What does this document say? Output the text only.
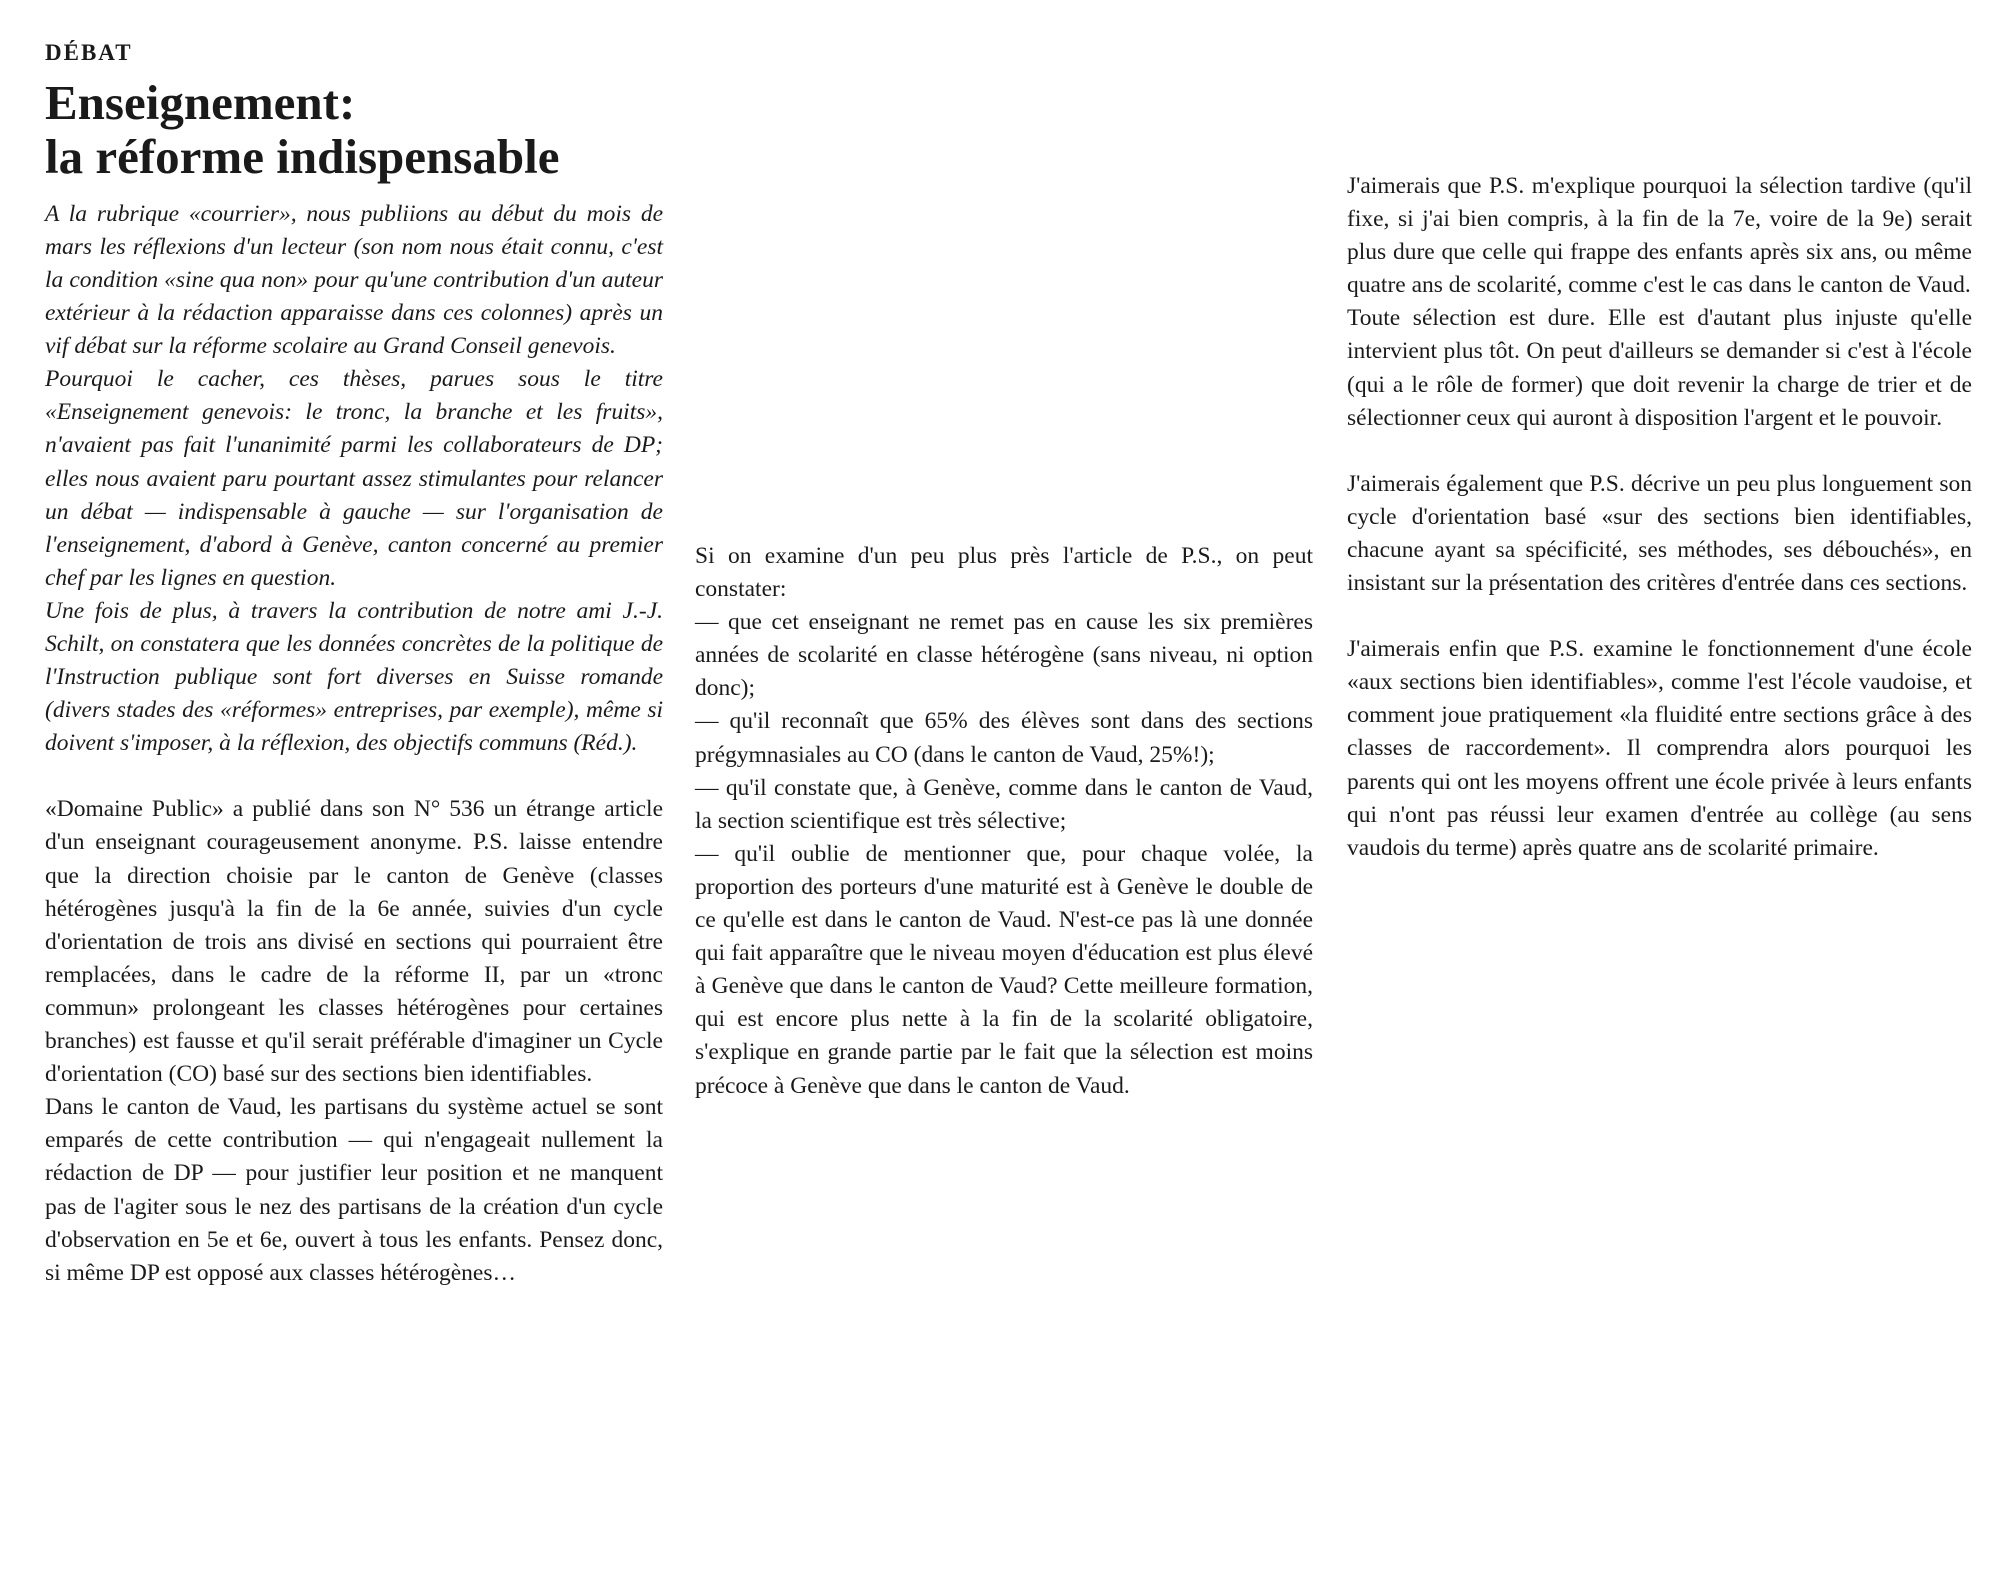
DÉBAT
Enseignement:
la réforme indispensable

A la rubrique «courrier», nous publiions au début du mois de mars les réflexions d'un lecteur (son nom nous était connu, c'est la condition «sine qua non» pour qu'une contribution d'un auteur extérieur à la rédaction apparaisse dans ces colonnes) après un vif débat sur la réforme scolaire au Grand Conseil genevois.

Pourquoi le cacher, ces thèses, parues sous le titre «Enseignement genevois: le tronc, la branche et les fruits», n'avaient pas fait l'unanimité parmi les collaborateurs de DP; elles nous avaient paru pourtant assez stimulantes pour relancer un débat — indispensable à gauche — sur l'organisation de l'enseignement, d'abord à Genève, canton concerné au premier chef par les lignes en question.

Une fois de plus, à travers la contribution de notre ami J.-J. Schilt, on constatera que les données concrètes de la politique de l'Instruction publique sont fort diverses en Suisse romande (divers stades des «réformes» entreprises, par exemple), même si doivent s'imposer, à la réflexion, des objectifs communs (Réd.).

«Domaine Public» a publié dans son N° 536 un étrange article d'un enseignant courageusement anonyme. P.S. laisse entendre que la direction choisie par le canton de Genève (classes hétérogènes jusqu'à la fin de la 6e année, suivies d'un cycle d'orientation de trois ans divisé en sections qui pourraient être remplacées, dans le cadre de la réforme II, par un «tronc commun» prolongeant les classes hétérogènes pour certaines branches) est fausse et qu'il serait préférable d'imaginer un Cycle d'orientation (CO) basé sur des sections bien identifiables.

Dans le canton de Vaud, les partisans du système actuel se sont emparés de cette contribution — qui n'engageait nullement la rédaction de DP — pour justifier leur position et ne manquent pas de l'agiter sous le nez des partisans de la création d'un cycle d'observation en 5e et 6e, ouvert à tous les enfants. Pensez donc, si même DP est opposé aux classes hétérogènes…

Si on examine d'un peu plus près l'article de P.S., on peut constater:

— que cet enseignant ne remet pas en cause les six premières années de scolarité en classe hétérogène (sans niveau, ni option donc);

— qu'il reconnaît que 65% des élèves sont dans des sections prégymnasiales au CO (dans le canton de Vaud, 25%!);

— qu'il constate que, à Genève, comme dans le canton de Vaud, la section scientifique est très sélective;

— qu'il oublie de mentionner que, pour chaque volée, la proportion des porteurs d'une maturité est à Genève le double de ce qu'elle est dans le canton de Vaud. N'est-ce pas là une donnée qui fait apparaître que le niveau moyen d'éducation est plus élevé à Genève que dans le canton de Vaud? Cette meilleure formation, qui est encore plus nette à la fin de la scolarité obligatoire, s'explique en grande partie par le fait que la sélection est moins précoce à Genève que dans le canton de Vaud.

J'aimerais que P.S. m'explique pourquoi la sélection tardive (qu'il fixe, si j'ai bien compris, à la fin de la 7e, voire de la 9e) serait plus dure que celle qui frappe des enfants après six ans, ou même quatre ans de scolarité, comme c'est le cas dans le canton de Vaud.

Toute sélection est dure. Elle est d'autant plus injuste qu'elle intervient plus tôt. On peut d'ailleurs se demander si c'est à l'école (qui a le rôle de former) que doit revenir la charge de trier et de sélectionner ceux qui auront à disposition l'argent et le pouvoir.

J'aimerais également que P.S. décrive un peu plus longuement son cycle d'orientation basé «sur des sections bien identifiables, chacune ayant sa spécificité, ses méthodes, ses débouchés», en insistant sur la présentation des critères d'entrée dans ces sections.

J'aimerais enfin que P.S. examine le fonctionnement d'une école «aux sections bien identifiables», comme l'est l'école vaudoise, et comment joue pratiquement «la fluidité entre sections grâce à des classes de raccordement». Il comprendra alors pourquoi les parents qui ont les moyens offrent une école privée à leurs enfants qui n'ont pas réussi leur examen d'entrée au collège (au sens vaudois du terme) après quatre ans de scolarité primaire.
